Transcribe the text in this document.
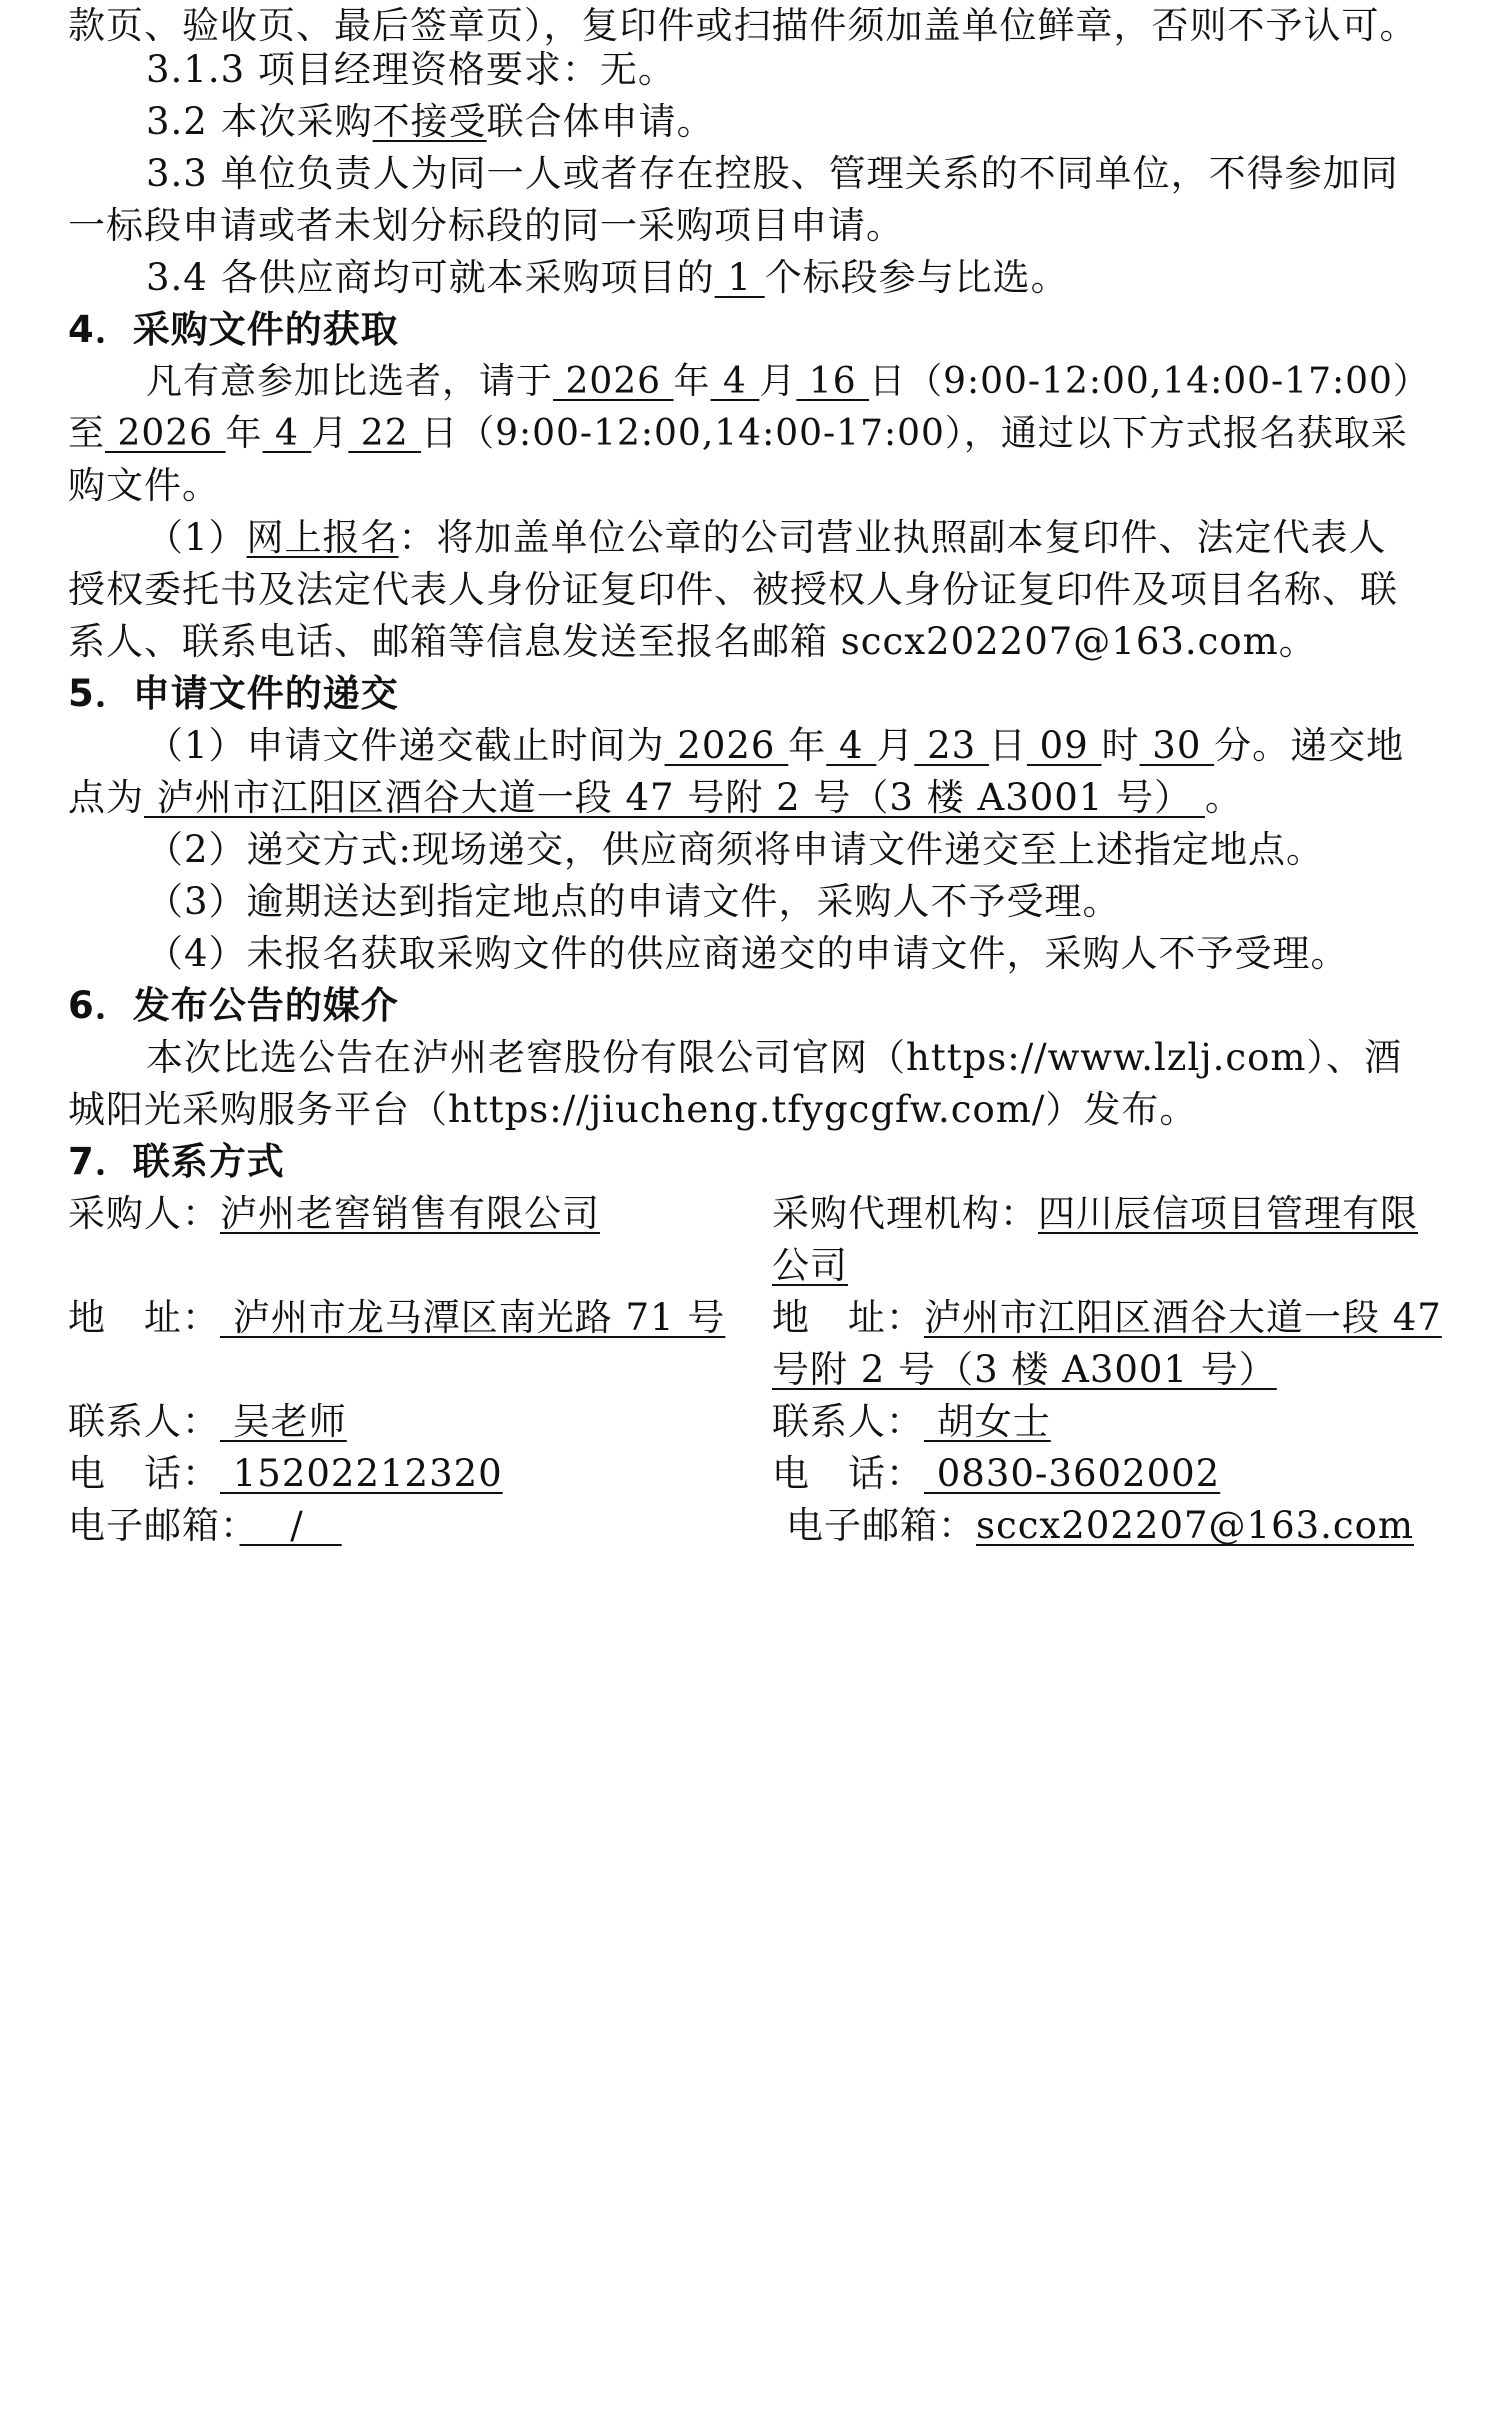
款页、验收页、最后签章页），复印件或扫描件须加盖单位鲜章，否则不予认可。
3.1.3 项目经理资格要求：无。
3.2 本次采购不接受联合体申请。
3.3 单位负责人为同一人或者存在控股、管理关系的不同单位，不得参加同
一标段申请或者未划分标段的同一采购项目申请。
3.4 各供应商均可就本采购项目的 1 个标段参与比选。
4．采购文件的获取
凡有意参加比选者，请于 2026 年 4 月 16 日（9:00-12:00,14:00-17:00）
至 2026 年 4 月 22 日（9:00-12:00,14:00-17:00），通过以下方式报名获取采
购文件。
（1）网上报名：将加盖单位公章的公司营业执照副本复印件、法定代表人
授权委托书及法定代表人身份证复印件、被授权人身份证复印件及项目名称、联
系人、联系电话、邮箱等信息发送至报名邮箱 sccx202207@163.com。
5．申请文件的递交
（1）申请文件递交截止时间为 2026 年 4 月 23 日 09 时 30 分。递交地
点为 泸州市江阳区酒谷大道一段 47 号附 2 号（3 楼 A3001 号） 。
（2）递交方式:现场递交，供应商须将申请文件递交至上述指定地点。
（3）逾期送达到指定地点的申请文件，采购人不予受理。
（4）未报名获取采购文件的供应商递交的申请文件，采购人不予受理。
6．发布公告的媒介
本次比选公告在泸州老窖股份有限公司官网（https://www.lzlj.com）、酒
城阳光采购服务平台（https://jiucheng.tfygcgfw.com/）发布。
7．联系方式
采购人：泸州老窖销售有限公司	采购代理机构：四川辰信项目管理有限
公司
地　址： 泸州市龙马潭区南光路 71 号 地　址：泸州市江阳区酒谷大道一段 47
号附 2 号（3 楼 A3001 号）
联系人： 吴老师	联系人： 胡女士
电　话： 15202212320	电　话： 0830-3602002
电子邮箱：　 /　	电子邮箱：sccx202207@163.com
